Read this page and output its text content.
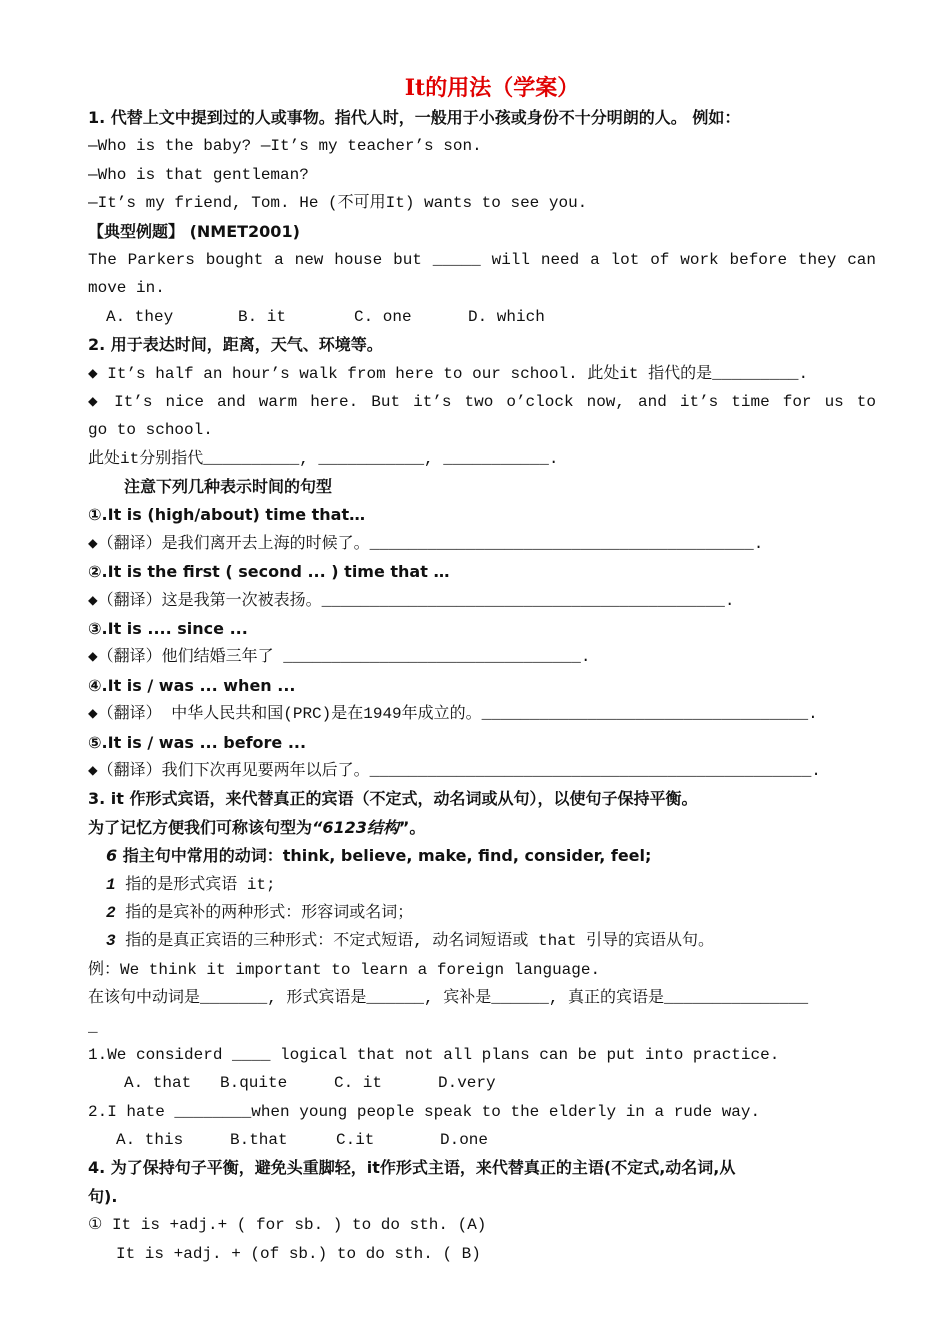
It的用法（学案）
1. 代替上文中提到过的人或事物。指代人时，一般用于小孩或身份不十分明朗的人。 例如：
—Who is the baby? —It’s my teacher’s son.
—Who is that gentleman?
—It’s my friend, Tom. He (不可用It) wants to see you.
【典型例题】 (NMET2001)
The Parkers bought a new house but _____ will need a lot of work before they can
move in.
A. they	B. it	C. one	D. which
2. 用于表达时间，距离，天气、环境等。
◆ It’s half an hour’s walk from here to our school. 此处it 指代的是_________.
◆ It’s nice and warm here. But it’s two o’clock now, and it’s time for us to
go to school.
此处it分别指代__________, ___________, ___________.
注意下列几种表示时间的句型
①.It is (high/about) time that…
◆（翻译）是我们离开去上海的时候了。________________________________________.
②.It is the first ( second ... ) time that …
◆（翻译）这是我第一次被表扬。__________________________________________.
③.It is .... since ...
◆（翻译）他们结婚三年了 _______________________________.
④.It is / was ... when ...
◆（翻译） 中华人民共和国(PRC)是在1949年成立的。__________________________________.
⑤.It is / was ... before ...
◆（翻译）我们下次再见要两年以后了。______________________________________________.
3. it 作形式宾语，来代替真正的宾语（不定式，动名词或从句），以使句子保持平衡。
为了记忆方便我们可称该句型为“6123结构”。
6 指主句中常用的动词：think, believe, make, find, consider, feel;
1 指的是形式宾语 it;
2 指的是宾补的两种形式：形容词或名词；
3 指的是真正宾语的三种形式：不定式短语, 动名词短语或 that 引导的宾语从句。
例：We think it important to learn a foreign language.
在该句中动词是_______, 形式宾语是______, 宾补是______, 真正的宾语是_______________
_
1.We considerd ____ logical that not all plans can be put into practice.
A. that B.quite	C. it	D.very
2.I hate ________when young people speak to the elderly in a rude way.
A. this	B.that	C.it	D.one
4. 为了保持句子平衡，避免头重脚轻，it作形式主语，来代替真正的主语(不定式,动名词,从
句).
① It is +adj.+ ( for sb. ) to do sth. (A)
It is +adj. + (of sb.) to do sth. ( B)
